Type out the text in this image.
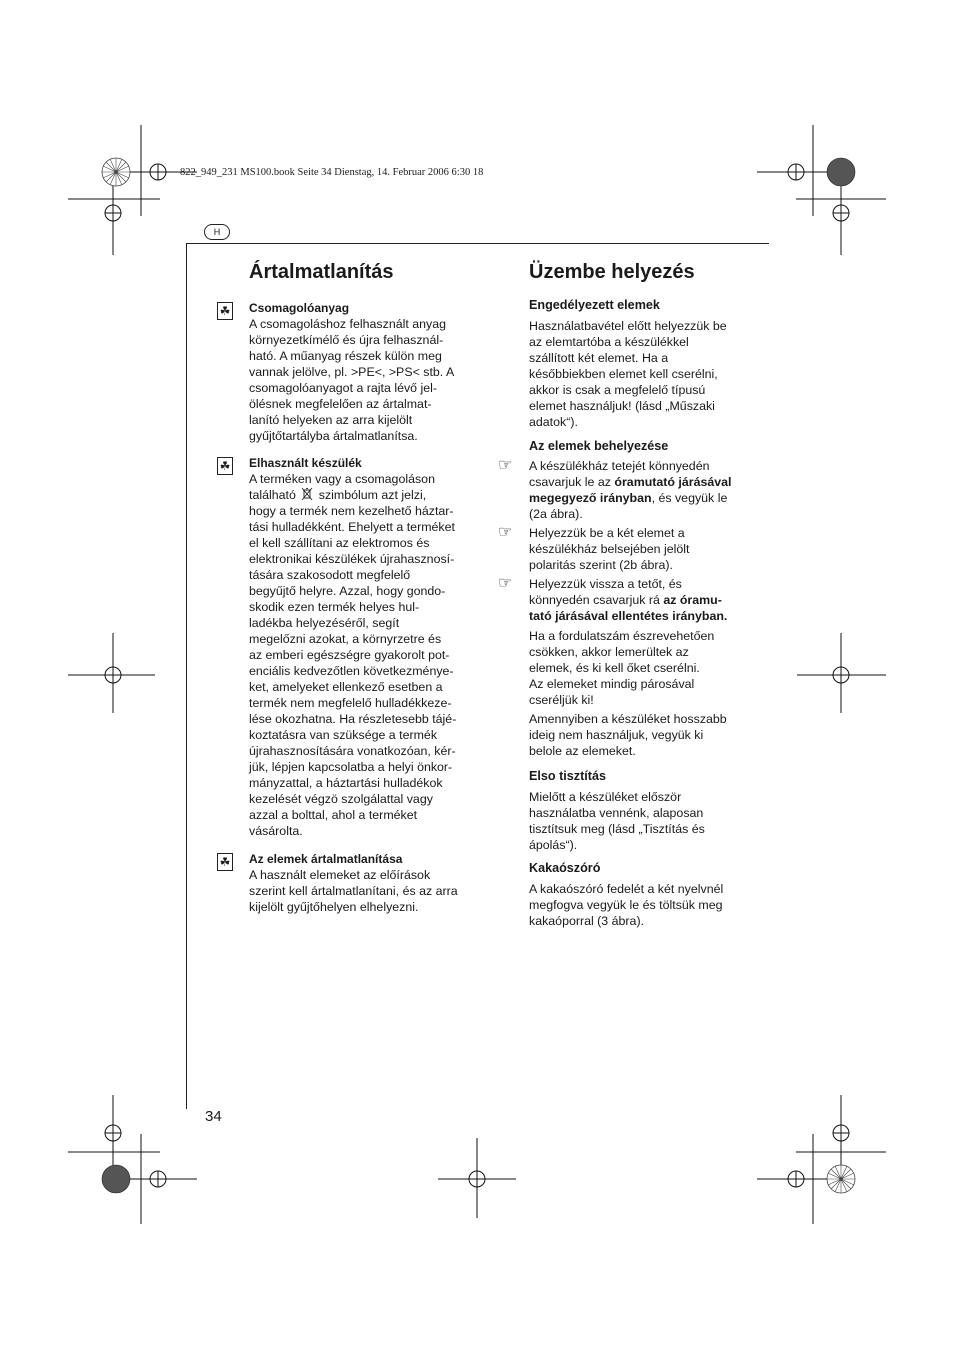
822_949_231 MS100.book Seite 34 Dienstag, 14. Februar 2006 6:30 18
H
Ártalmatlanítás
☘ Csomagolóanyag

A csomagoláshoz felhasznált anyag

környezetkímélő és újra felhasznál-

ható. A műanyag részek külön meg

vannak jelölve, pl. >PE<, >PS< stb. A

csomagolóanyagot a rajta lévő jel-

ölésnek megfelelően az ártalmat-

lanító helyeken az arra kijelölt

gyűjtőtartályba ártalmatlanítsa.

☘ Elhasznált készülék

A terméken vagy a csomagoláson

található szimbólum azt jelzi,

hogy a termék nem kezelhető háztar-

tási hulladékként. Ehelyett a terméket

el kell szállítani az elektromos és

elektronikai készülékek újrahasznosí-

tására szakosodott megfelelő

begyűjtő helyre. Azzal, hogy gondo-

skodik ezen termék helyes hul-

ladékba helyezéséről, segít

megelőzni azokat, a környrzetre és

az emberi egészségre gyakorolt pot-

enciális kedvezőtlen következménye-

ket, amelyeket ellenkező esetben a

termék nem megfelelő hulladékkeze-

lése okozhatna. Ha részletesebb tájé-

koztatásra van szüksége a termék

újrahasznosítására vonatkozóan, kér-

jük, lépjen kapcsolatba a helyi önkor-

mányzattal, a háztartási hulladékok

kezelését végzö szolgálattal vagy

azzal a bolttal, ahol a terméket

vásárolta.

☘ Az elemek ártalmatlanítása

A használt elemeket az előírások

szerint kell ártalmatlanítani, és az arra

kijelölt gyűjtőhelyen elhelyezni.

Üzembe helyezés

Engedélyezett elemek

Használatbavétel előtt helyezzük be

az elemtartóba a készülékkel

szállított két elemet. Ha a

későbbiekben elemet kell cserélni,

akkor is csak a megfelelő típusú

elemet használjuk! (lásd „Műszaki

adatok“).

Az elemek behelyezése

☞ A készülékház tetejét könnyedén

csavarjuk le az óramutató járásával

megegyező irányban, és vegyük le

(2a ábra).

☞ Helyezzük be a két elemet a

készülékház belsejében jelölt

polaritás szerint (2b ábra).

☞ Helyezzük vissza a tetőt, és

könnyedén csavarjuk rá az óramu-

tató járásával ellentétes irányban.

Ha a fordulatszám észrevehetően

csökken, akkor lemerültek az

elemek, és ki kell őket cserélni.

Az elemeket mindig párosával

cseréljük ki!

Amennyiben a készüléket hosszabb

ideig nem használjuk, vegyük ki

belole az elemeket.

Elso tisztítás

Mielőtt a készüléket először

használatba vennénk, alaposan

tisztítsuk meg (lásd „Tisztítás és

ápolás“).

Kakaószóró

A kakaószóró fedelét a két nyelvnél

megfogva vegyük le és töltsük meg

kakaóporral (3 ábra).

34
